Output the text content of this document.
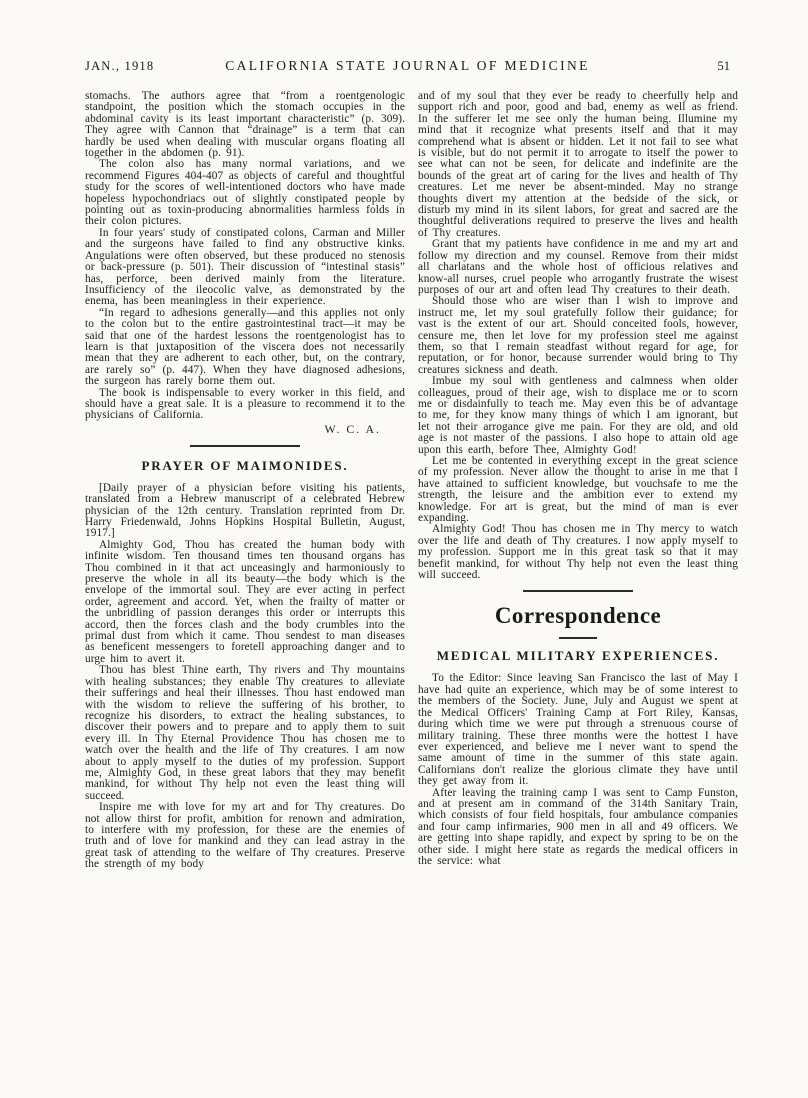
JAN., 1918	CALIFORNIA STATE JOURNAL OF MEDICINE	51

stomachs. The authors agree that “from a roentgenologic standpoint, the position which the stomach occupies in the abdominal cavity is its least important characteristic” (p. 309). They agree with Cannon that “drainage” is a term that can hardly be used when dealing with muscular organs floating all together in the abdomen (p. 91).

The colon also has many normal variations, and we recommend Figures 404-407 as objects of careful and thoughtful study for the scores of well-intentioned doctors who have made hopeless hypochondriacs out of slightly constipated people by pointing out as toxin-producing abnormalities harmless folds in their colon pictures.

In four years' study of constipated colons, Carman and Miller and the surgeons have failed to find any obstructive kinks. Angulations were often observed, but these produced no stenosis or back-pressure (p. 501). Their discussion of “intestinal stasis” has, perforce, been derived mainly from the literature. Insufficiency of the ileocolic valve, as demonstrated by the enema, has been meaningless in their experience.

“In regard to adhesions generally—and this applies not only to the colon but to the entire gastrointestinal tract—it may be said that one of the hardest lessons the roentgenologist has to learn is that juxtaposition of the viscera does not necessarily mean that they are adherent to each other, but, on the contrary, are rarely so” (p. 447). When they have diagnosed adhesions, the surgeon has rarely borne them out.

The book is indispensable to every worker in this field, and should have a great sale. It is a pleasure to recommend it to the physicians of California.

W. C. A.
PRAYER OF MAIMONIDES.

[Daily prayer of a physician before visiting his patients, translated from a Hebrew manuscript of a celebrated Hebrew physician of the 12th century. Translation reprinted from Dr. Harry Friedenwald, Johns Hopkins Hospital Bulletin, August, 1917.]

Almighty God, Thou has created the human body with infinite wisdom. Ten thousand times ten thousand organs has Thou combined in it that act unceasingly and harmoniously to preserve the whole in all its beauty—the body which is the envelope of the immortal soul. They are ever acting in perfect order, agreement and accord. Yet, when the frailty of matter or the unbridling of passion deranges this order or interrupts this accord, then the forces clash and the body crumbles into the primal dust from which it came. Thou sendest to man diseases as beneficent messengers to foretell approaching danger and to urge him to avert it.

Thou has blest Thine earth, Thy rivers and Thy mountains with healing substances; they enable Thy creatures to alleviate their sufferings and heal their illnesses. Thou hast endowed man with the wisdom to relieve the suffering of his brother, to recognize his disorders, to extract the healing substances, to discover their powers and to prepare and to apply them to suit every ill. In Thy Eternal Providence Thou has chosen me to watch over the health and the life of Thy creatures. I am now about to apply myself to the duties of my profession. Support me, Almighty God, in these great labors that they may benefit mankind, for without Thy help not even the least thing will succeed.

Inspire me with love for my art and for Thy creatures. Do not allow thirst for profit, ambition for renown and admiration, to interfere with my profession, for these are the enemies of truth and of love for mankind and they can lead astray in the great task of attending to the welfare of Thy creatures. Preserve the strength of my body

and of my soul that they ever be ready to cheerfully help and support rich and poor, good and bad, enemy as well as friend. In the sufferer let me see only the human being. Illumine my mind that it recognize what presents itself and that it may comprehend what is absent or hidden. Let it not fail to see what is visible, but do not permit it to arrogate to itself the power to see what can not be seen, for delicate and indefinite are the bounds of the great art of caring for the lives and health of Thy creatures. Let me never be absent-minded. May no strange thoughts divert my attention at the bedside of the sick, or disturb my mind in its silent labors, for great and sacred are the thoughtful deliverations required to preserve the lives and health of Thy creatures.

Grant that my patients have confidence in me and my art and follow my direction and my counsel. Remove from their midst all charlatans and the whole host of officious relatives and know-all nurses, cruel people who arrogantly frustrate the wisest purposes of our art and often lead Thy creatures to their death.

Should those who are wiser than I wish to improve and instruct me, let my soul gratefully follow their guidance; for vast is the extent of our art. Should conceited fools, however, censure me, then let love for my profession steel me against them, so that I remain steadfast without regard for age, for reputation, or for honor, because surrender would bring to Thy creatures sickness and death.

Imbue my soul with gentleness and calmness when older colleagues, proud of their age, wish to displace me or to scorn me or disdainfully to teach me. May even this be of advantage to me, for they know many things of which I am ignorant, but let not their arrogance give me pain. For they are old, and old age is not master of the passions. I also hope to attain old age upon this earth, before Thee, Almighty God!

Let me be contented in everything except in the great science of my profession. Never allow the thought to arise in me that I have attained to sufficient knowledge, but vouchsafe to me the strength, the leisure and the ambition ever to extend my knowledge. For art is great, but the mind of man is ever expanding.

Almighty God! Thou has chosen me in Thy mercy to watch over the life and death of Thy creatures. I now apply myself to my profession. Support me in this great task so that it may benefit mankind, for without Thy help not even the least thing will succeed.

Correspondence
MEDICAL MILITARY EXPERIENCES.

To the Editor: Since leaving San Francisco the last of May I have had quite an experience, which may be of some interest to the members of the Society. June, July and August we spent at the Medical Officers' Training Camp at Fort Riley, Kansas, during which time we were put through a strenuous course of military training. These three months were the hottest I have ever experienced, and believe me I never want to spend the same amount of time in the summer of this state again. Californians don't realize the glorious climate they have until they get away from it.

After leaving the training camp I was sent to Camp Funston, and at present am in command of the 314th Sanitary Train, which consists of four field hospitals, four ambulance companies and four camp infirmaries, 900 men in all and 49 officers. We are getting into shape rapidly, and expect by spring to be on the other side. I might here state as regards the medical officers in the service: what
